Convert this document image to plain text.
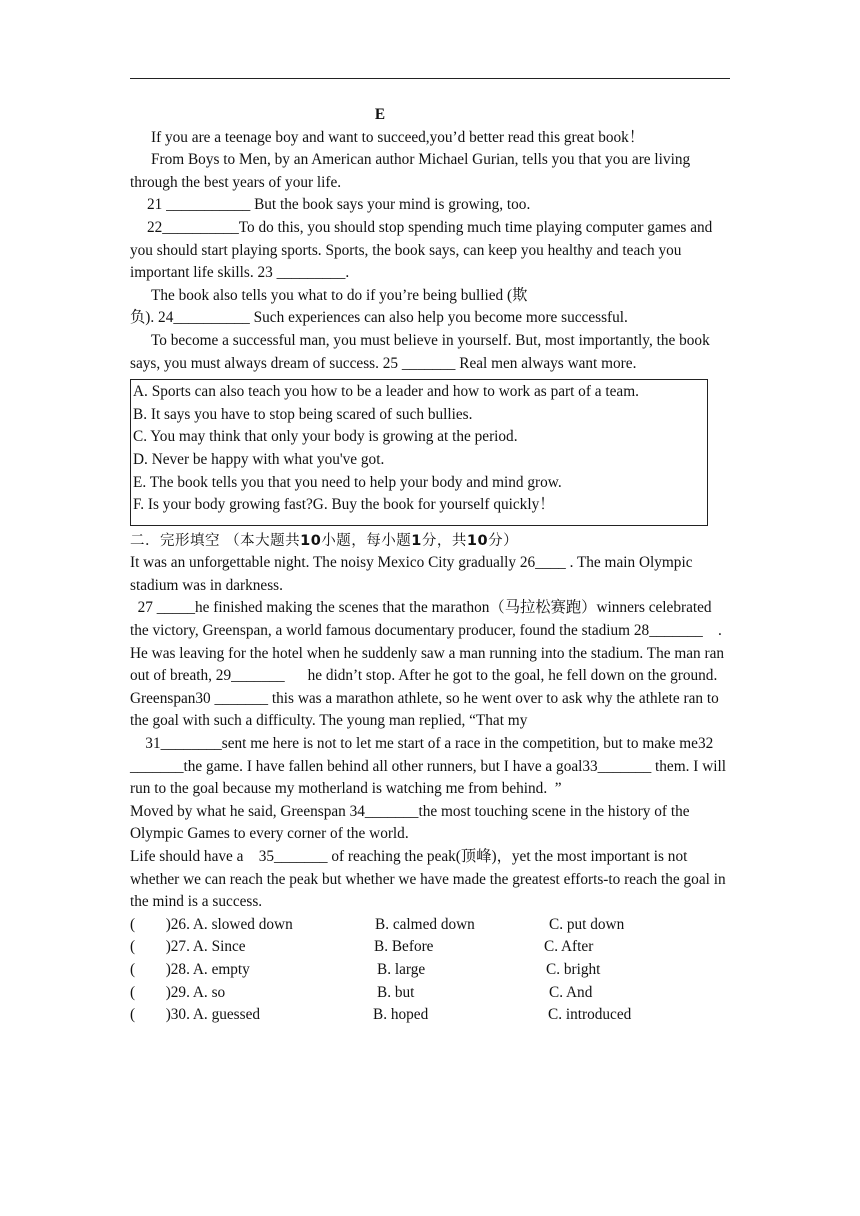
E

If you are a teenage boy and want to succeed,you’d better read this great book！

From Boys to Men, by an American author Michael Gurian, tells you that you are living through the best years of your life.

21 ___________ But the book says your mind is growing, too.

22__________To do this, you should stop spending much time playing computer games and you should start playing sports. Sports, the book says, can keep you healthy and teach you important life skills. 23 _________.

The book also tells you what to do if you’re being bullied (欺

负). 24__________ Such experiences can also help you become more successful.

To become a successful man, you must believe in yourself. But, most importantly, the book says, you must always dream of success. 25 _______ Real men always want more.

A. Sports can also teach you how to be a leader and how to work as part of a team.
B. It says you have to stop being scared of such bullies.
C. You may think that only your body is growing at the period.
D. Never be happy with what you've got.
E. The book tells you that you need to help your body and mind grow.
F. Is your body growing fast?G. Buy the book for yourself quickly！

二．完形填空 （本大题共10小题，每小题1分，共10分）

It was an unforgettable night. The noisy Mexico City gradually 26____ . The main Olympic stadium was in darkness.

27 _____he finished making the scenes that the marathon（马拉松赛跑）winners celebrated the victory, Greenspan, a world famous documentary producer, found the stadium 28_______    . He was leaving for the hotel when he suddenly saw a man running into the stadium. The man ran out of breath, 29_______      he didn’t stop. After he got to the goal, he fell down on the ground.

Greenspan30 _______ this was a marathon athlete, so he went over to ask why the athlete ran to the goal with such a difficulty. The young man replied, “That my

31________sent me here is not to let me start of a race in the competition, but to make me32 _______the game. I have fallen behind all other runners, but I have a goal33_______ them. I will run to the goal because my motherland is watching me from behind.  ”

Moved by what he said, Greenspan 34_______the most touching scene in the history of the Olympic Games to every corner of the world.

Life should have a    35_______ of reaching the peak(顶峰)，yet the most important is not whether we can reach the peak but whether we have made the greatest efforts-to reach the goal in the mind is a success.

(        )26. A. slowed down	B. calmed down	C. put down
(        )27. A. Since	B. Before	C. After
(        )28. A. empty	B. large	C. bright
(        )29. A. so	B. but	C. And
(        )30. A. guessed	B. hoped	C. introduced
